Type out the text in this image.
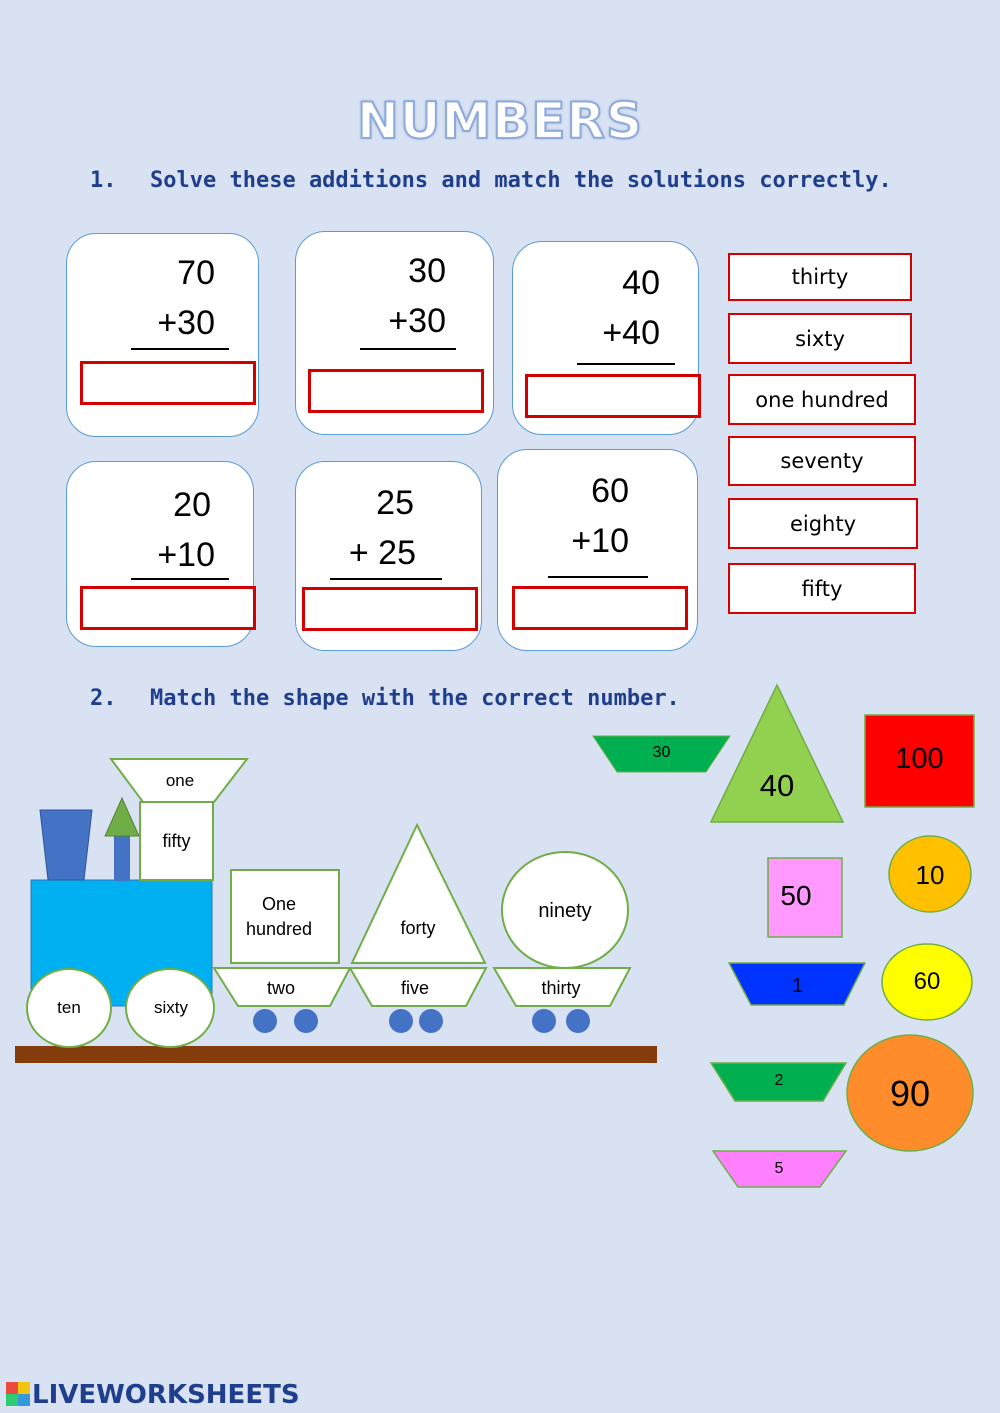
NUMBERS
1. Solve these additions and match the solutions correctly.
70
+30
30
+30
40
+40
20
+10
25
+ 25
60
+10
thirty
sixty
one hundred
seventy
eighty
fifty
2. Match the shape with the correct number.
one
fifty
ten	sixty
One
hundred
two
forty
five
ninety
thirty
30
40
100
10
50
1	60
2	90
5
LIVEWORKSHEETS
